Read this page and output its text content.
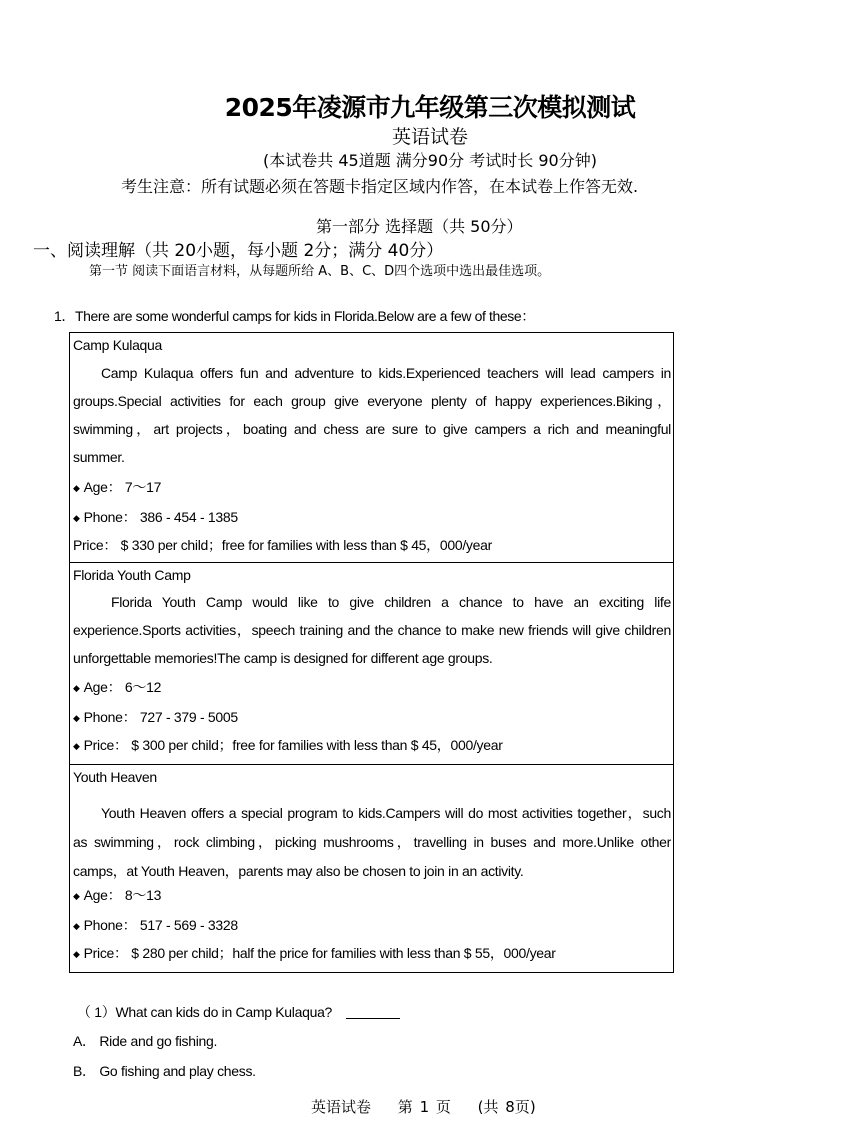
2025年凌源市九年级第三次模拟测试
英语试卷
(本试卷共 45道题 满分90分 考试时长 90分钟)
考生注意：所有试题必须在答题卡指定区域内作答，在本试卷上作答无效.
第一部分 选择题（共 50分）
一、阅读理解（共 20小题，每小题 2分；满分 40分）
第一节 阅读下面语言材料，从每题所给 A、B、C、D四个选项中选出最佳选项。
1．There are some wonderful camps for kids in Florida.Below are a few of these：
Camp Kulaqua
Camp Kulaqua offers fun and adventure to kids.Experienced teachers will lead campers in groups.Special activities for each group give everyone plenty of happy experiences.Biking，swimming，art projects，boating and chess are sure to give campers a rich and meaningful summer.
◆ Age： 7～17
◆ Phone： 386 - 454 - 1385
Price： $ 330 per child；free for families with less than $ 45，000/year
Florida Youth Camp
Florida Youth Camp would like to give children a chance to have an exciting life experience.Sports activities，speech training and the chance to make new friends will give children unforgettable memories!The camp is designed for different age groups.
◆ Age： 6～12
◆ Phone： 727 - 379 - 5005
◆ Price： $ 300 per child；free for families with less than $ 45，000/year
Youth Heaven
Youth Heaven offers a special program to kids.Campers will do most activities together，such as swimming，rock climbing，picking mushrooms，travelling in buses and more.Unlike other camps，at Youth Heaven，parents may also be chosen to join in an activity.
◆ Age： 8～13
◆ Phone： 517 - 569 - 3328
◆ Price： $ 280 per child；half the price for families with less than $ 55，000/year
（ 1）What can kids do in Camp Kulaqua?
A． Ride and go fishing.
B． Go fishing and play chess.
英语试卷 第 1 页 (共 8页)
